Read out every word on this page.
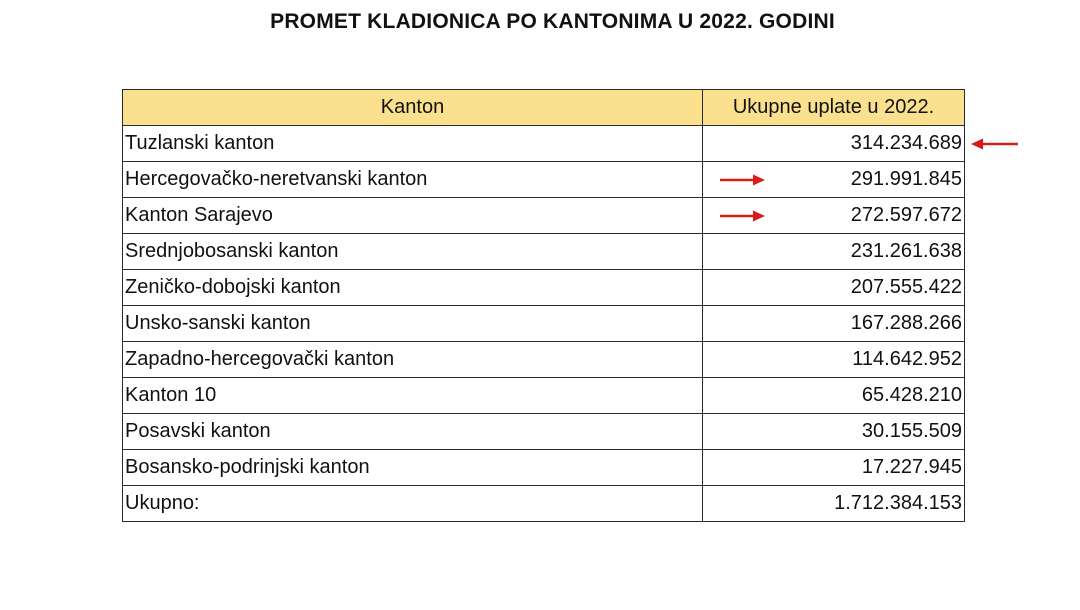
PROMET KLADIONICA PO KANTONIMA U 2022. GODINI
Kanton	Ukupne uplate u 2022.
Tuzlanski kanton	314.234.689

Hercegovačko-neretvanski kanton	291.991.845

Kanton Sarajevo	272.597.672

Srednjobosanski kanton	231.261.638
Zeničko-dobojski kanton	207.555.422
Unsko-sanski kanton	167.288.266
Zapadno-hercegovački kanton	114.642.952
Kanton 10	65.428.210
Posavski kanton	30.155.509
Bosansko-podrinjski kanton	17.227.945
Ukupno:	1.712.384.153
